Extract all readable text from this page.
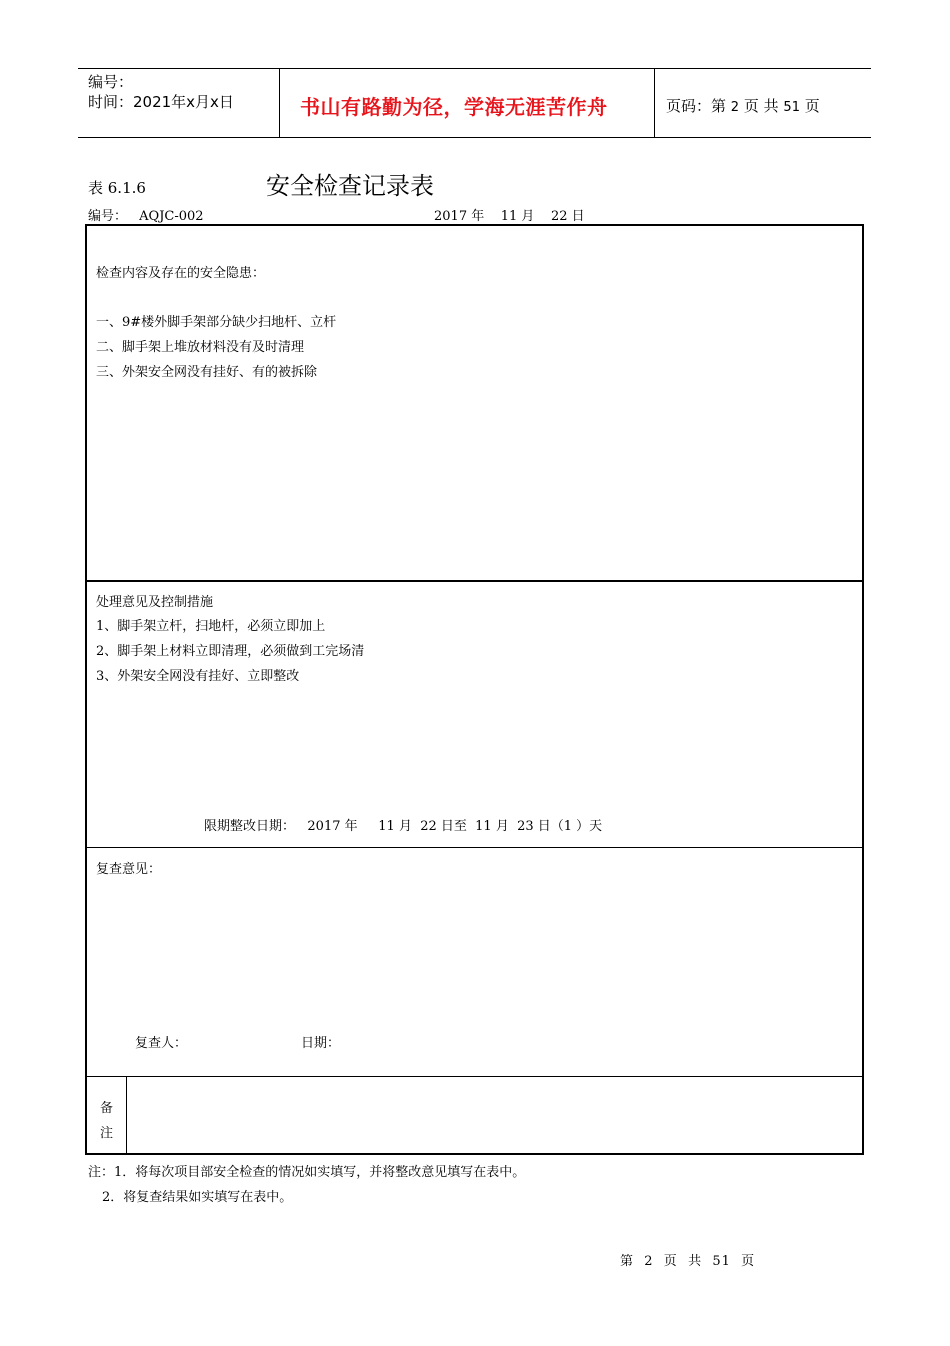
编号：
时间：2021年x月x日	书山有路勤为径，学海无涯苦作舟	页码：第 2 页 共 51 页
表 6.1.6	安全检查记录表
编号： AQJC-002	2017 年    11 月    22 日
检查内容及存在的安全隐患：
一、9#楼外脚手架部分缺少扫地杆、立杆
二、脚手架上堆放材料没有及时清理
三、外架安全网没有挂好、有的被拆除
处理意见及控制措施
1、脚手架立杆，扫地杆，必须立即加上
2、脚手架上材料立即清理，必须做到工完场清
3、外架安全网没有挂好、立即整改
限期整改日期：   2017 年     11 月  22 日至  11 月  23 日（1 ）天
复查意见：
复查人：	日期：
备
注
注：1．将每次项目部安全检查的情况如实填写，并将整改意见填写在表中。
2．将复查结果如实填写在表中。
第  2  页  共  51  页
